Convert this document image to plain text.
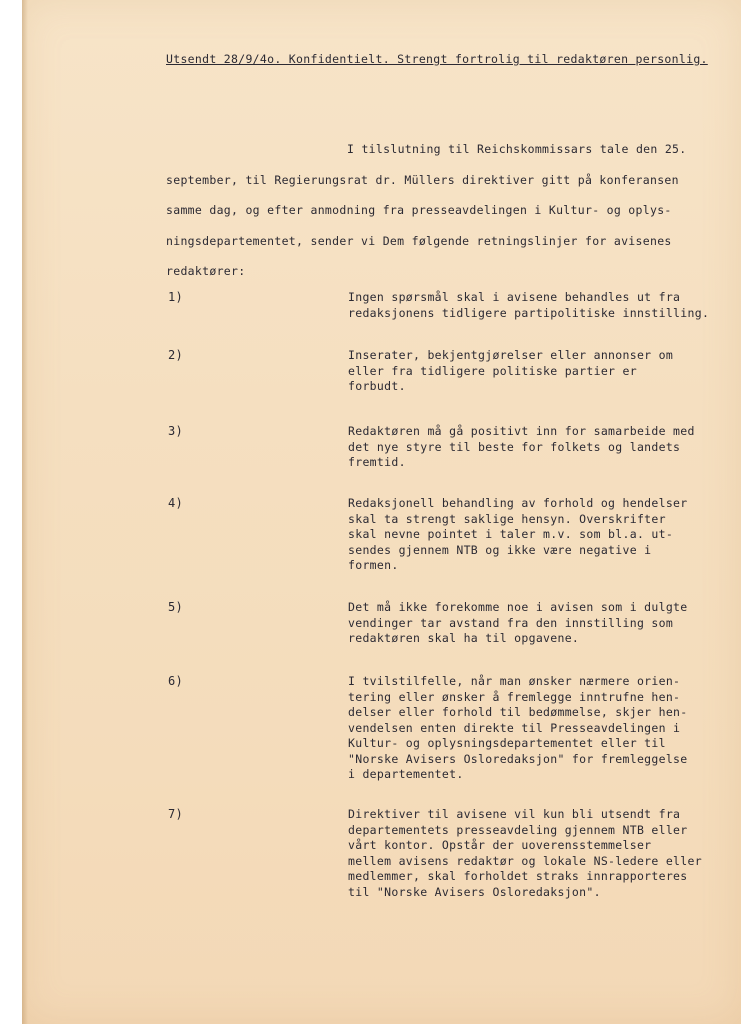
Utsendt 28/9/4o. Konfidentielt. Strengt fortrolig til redaktøren personlig.
I tilslutning til Reichskommissars tale den 25.
september, til Regierungsrat dr. Müllers direktiver gitt på konferansen
samme dag, og efter anmodning fra presseavdelingen i Kultur- og oplys-
ningsdepartementet, sender vi Dem følgende retningslinjer for avisenes
redaktører:
1)	Ingen spørsmål skal i avisene behandles ut fra
redaksjonens tidligere partipolitiske innstilling.
2)	Inserater, bekjentgjørelser eller annonser om
eller fra tidligere politiske partier er
forbudt.
3)	Redaktøren må gå positivt inn for samarbeide med
det nye styre til beste for folkets og landets
fremtid.
4)	Redaksjonell behandling av forhold og hendelser
skal ta strengt saklige hensyn. Overskrifter
skal nevne pointet i taler m.v. som bl.a. ut-
sendes gjennem NTB og ikke være negative i
formen.
5)	Det må ikke forekomme noe i avisen som i dulgte
vendinger tar avstand fra den innstilling som
redaktøren skal ha til opgavene.
6)	I tvilstilfelle, når man ønsker nærmere orien-
tering eller ønsker å fremlegge inntrufne hen-
delser eller forhold til bedømmelse, skjer hen-
vendelsen enten direkte til Presseavdelingen i
Kultur- og oplysningsdepartementet eller til
"Norske Avisers Osloredaksjon" for fremleggelse
i departementet.
7)	Direktiver til avisene vil kun bli utsendt fra
departementets presseavdeling gjennem NTB eller
vårt kontor. Opstår der uoverensstemmelser
mellem avisens redaktør og lokale NS-ledere eller
medlemmer, skal forholdet straks innrapporteres
til "Norske Avisers Osloredaksjon".
